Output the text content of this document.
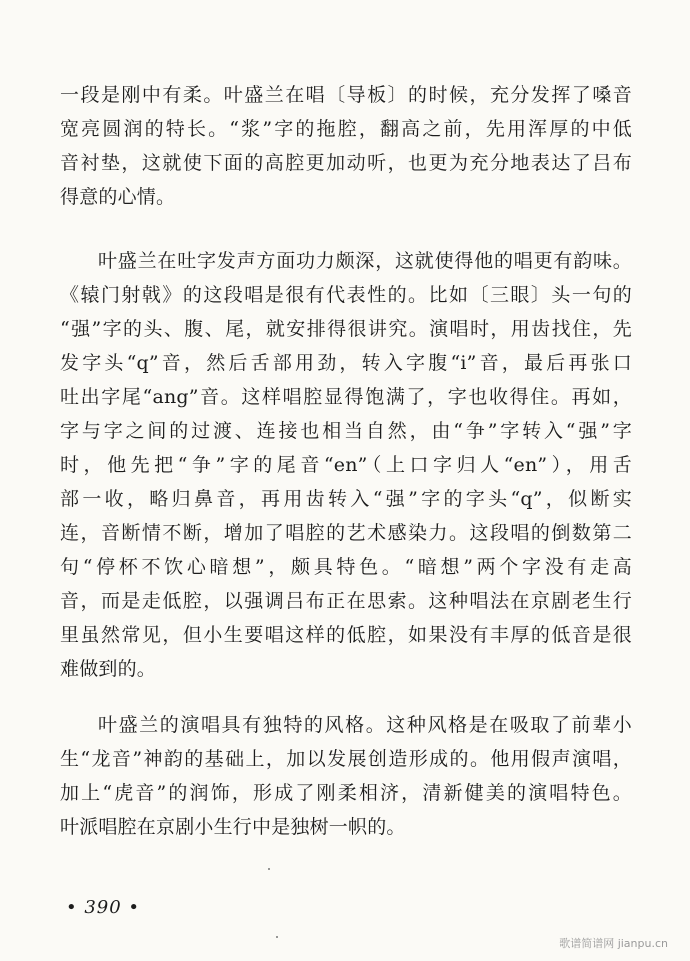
一段是刚中有柔。叶盛兰在唱〔导板〕的时候，充分发挥了嗓音
宽亮圆润的特长。“浆”字的拖腔，翻高之前，先用浑厚的中低
音衬垫，这就使下面的高腔更加动听，也更为充分地表达了吕布
得意的心情。
叶盛兰在吐字发声方面功力颇深，这就使得他的唱更有韵味。
《辕门射戟》的这段唱是很有代表性的。比如〔三眼〕头一句的
“强”字的头、腹、尾，就安排得很讲究。演唱时，用齿找住，先
发字头“q”音，然后舌部用劲，转入字腹“i”音，最后再张口
吐出字尾“ang”音。这样唱腔显得饱满了，字也收得住。再如，
字与字之间的过渡、连接也相当自然，由“争”字转入“强”字
时，他先把“争”字的尾音“en”（上口字归人“en”），用舌
部一收，略归鼻音，再用齿转入“强”字的字头“q”，似断实
连，音断情不断，增加了唱腔的艺术感染力。这段唱的倒数第二
句“停杯不饮心暗想”，颇具特色。“暗想”两个字没有走高
音，而是走低腔，以强调吕布正在思索。这种唱法在京剧老生行
里虽然常见，但小生要唱这样的低腔，如果没有丰厚的低音是很
难做到的。
叶盛兰的演唱具有独特的风格。这种风格是在吸取了前辈小
生“龙音”神韵的基础上，加以发展创造形成的。他用假声演唱，
加上“虎音”的润饰，形成了刚柔相济，清新健美的演唱特色。
叶派唱腔在京剧小生行中是独树一帜的。
• 390 •
歌谱简谱网 jianpu.cn
